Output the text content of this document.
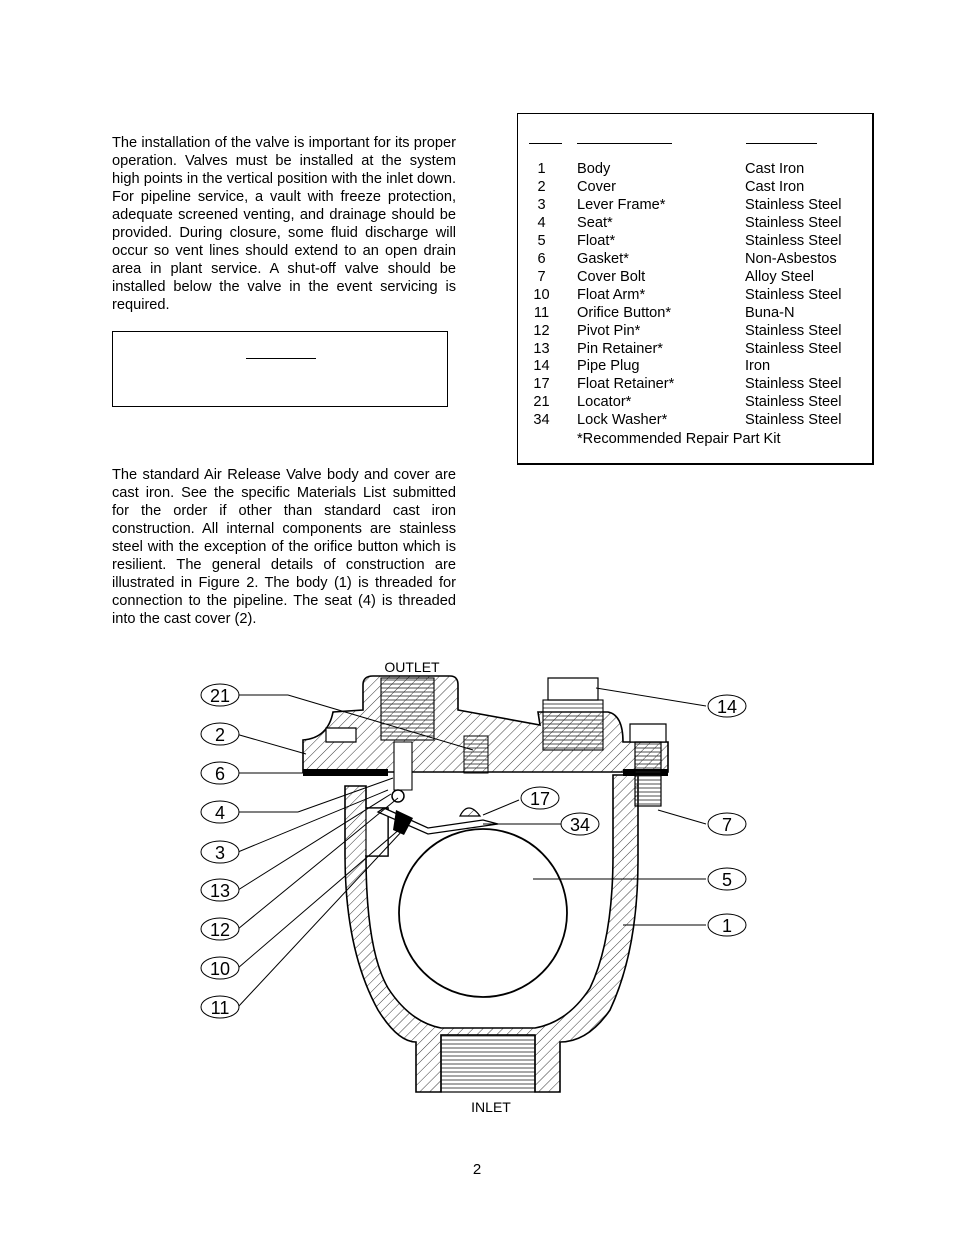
The installation of the valve is important for its proper operation. Valves must be installed at the system high points in the vertical position with the inlet down. For pipeline service, a vault with freeze protection, adequate screened venting, and drainage should be provided. During closure, some fluid discharge will occur so vent lines should extend to an open drain area in plant service. A shut-off valve should be installed below the valve in the event servicing is required.

The standard Air Release Valve body and cover are cast iron. See the specific Materials List submitted for the order if other than standard cast iron construction. All internal components are stainless steel with the exception of the orifice button which is resilient. The general details of construction are illustrated in Figure 2. The body (1) is threaded for connection to the pipeline. The seat (4) is threaded into the cast cover (2).

1	Body	Cast Iron
2	Cover	Cast Iron
3	Lever Frame*	Stainless Steel
4	Seat*	Stainless Steel
5	Float*	Stainless Steel
6	Gasket*	Non-Asbestos
7	Cover Bolt	Alloy Steel
10	Float Arm*	Stainless Steel
11	Orifice Button*	Buna-N
12	Pivot Pin*	Stainless Steel
13	Pin Retainer*	Stainless Steel
14	Pipe Plug	Iron
17	Float Retainer*	Stainless Steel
21	Locator*	Stainless Steel
34	Lock Washer*	Stainless Steel
*Recommended Repair Part Kit
OUTLET
INLET
21
2
6
4
3
13
12
10
11
14
17
34	7
5
1
2
